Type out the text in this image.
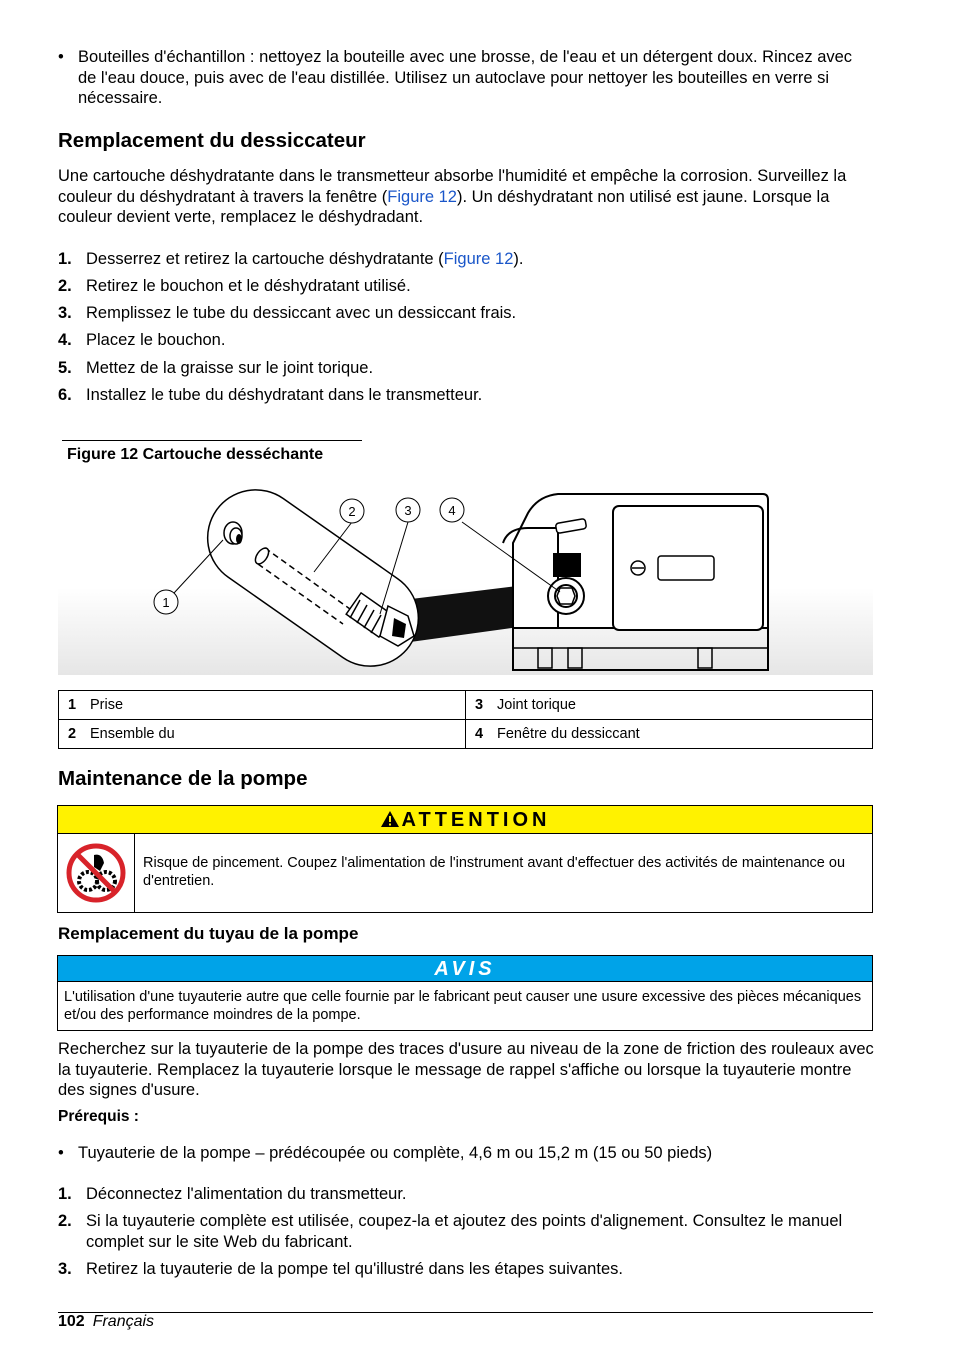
• Bouteilles d'échantillon : nettoyez la bouteille avec une brosse, de l'eau et un détergent doux. Rincez avec de l'eau douce, puis avec de l'eau distillée. Utilisez un autoclave pour nettoyer les bouteilles en verre si nécessaire.
Remplacement du dessiccateur
Une cartouche déshydratante dans le transmetteur absorbe l'humidité et empêche la corrosion. Surveillez la couleur du déshydratant à travers la fenêtre (Figure 12). Un déshydratant non utilisé est jaune. Lorsque la couleur devient verte, remplacez le déshydradant.
1. Desserrez et retirez la cartouche déshydratante (Figure 12).
2. Retirez le bouchon et le déshydratant utilisé.
3. Remplissez le tube du dessiccant avec un dessiccant frais.
4. Placez le bouchon.
5. Mettez de la graisse sur le joint torique.
6. Installez le tube du déshydratant dans le transmetteur.
Figure 12 Cartouche desséchante
1
2	3	4
1 Prise	3 Joint torique
2 Ensemble du	4 Fenêtre du dessiccant
Maintenance de la pompe
ATTENTION
Risque de pincement. Coupez l'alimentation de l'instrument avant d'effectuer des activités de maintenance ou d'entretien.
Remplacement du tuyau de la pompe
AVIS
L'utilisation d'une tuyauterie autre que celle fournie par le fabricant peut causer une usure excessive des pièces mécaniques et/ou des performance moindres de la pompe.
Recherchez sur la tuyauterie de la pompe des traces d'usure au niveau de la zone de friction des rouleaux avec la tuyauterie. Remplacez la tuyauterie lorsque le message de rappel s'affiche ou lorsque la tuyauterie montre des signes d'usure.
Prérequis :
• Tuyauterie de la pompe – prédécoupée ou complète, 4,6 m ou 15,2 m (15 ou 50 pieds)
1. Déconnectez l'alimentation du transmetteur.
2. Si la tuyauterie complète est utilisée, coupez-la et ajoutez des points d'alignement. Consultez le manuel complet sur le site Web du fabricant.
3. Retirez la tuyauterie de la pompe tel qu'illustré dans les étapes suivantes.
102 Français
